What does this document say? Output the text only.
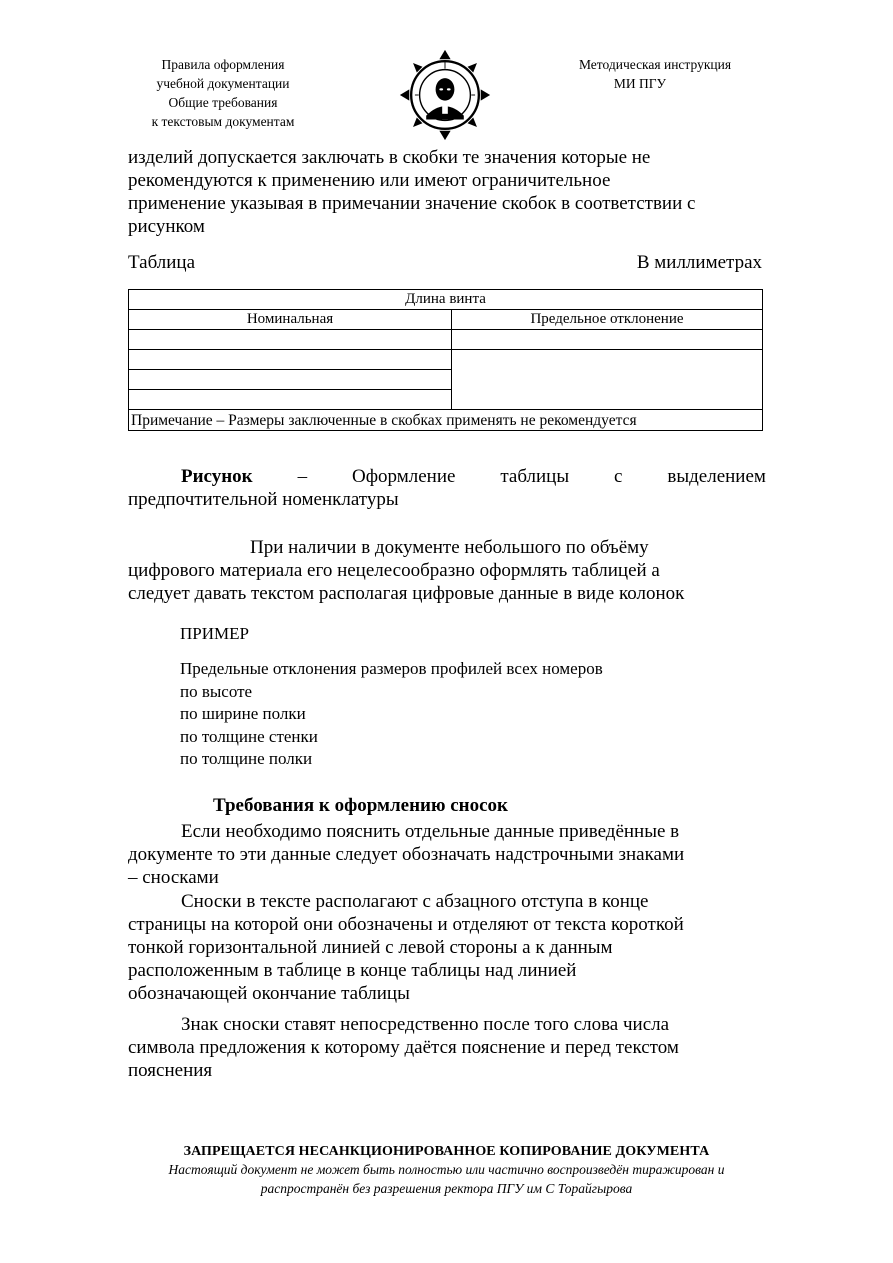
Правила оформления
учебной документации
Общие требования
к текстовым документам
Методическая инструкция
МИ ПГУ
изделий допускается заключать в скобки те значения которые не
рекомендуются к применению или имеют ограничительное
применение указывая в примечании значение скобок в соответствии с
рисунком
Таблица	В миллиметрах
Длина винта	
Номинальная	Предельное отклонение

Примечание – Размеры заключенные в скобках применять не рекомендуется	
Рисунок – Оформление таблицы с выделением
предпочтительной номенклатуры
При наличии в документе небольшого по объёму
цифрового материала его нецелесообразно оформлять таблицей а
следует давать текстом располагая цифровые данные в виде колонок
ПРИМЕР
Предельные отклонения размеров профилей всех номеров
по высоте
по ширине полки
по толщине стенки
по толщине полки
Требования к оформлению сносок
Если необходимо пояснить отдельные данные приведённые в
документе то эти данные следует обозначать надстрочными знаками
– сносками
Сноски в тексте располагают с абзацного отступа в конце
страницы на которой они обозначены и отделяют от текста короткой
тонкой горизонтальной линией с левой стороны а к данным
расположенным в таблице в конце таблицы над линией
обозначающей окончание таблицы
Знак сноски ставят непосредственно после того слова числа
символа предложения к которому даётся пояснение и перед текстом
пояснения
ЗАПРЕЩАЕТСЯ НЕСАНКЦИОНИРОВАННОЕ КОПИРОВАНИЕ ДОКУМЕНТА
Настоящий документ не может быть полностью или частично воспроизведён тиражирован и
распространён без разрешения ректора ПГУ им С Торайгырова
